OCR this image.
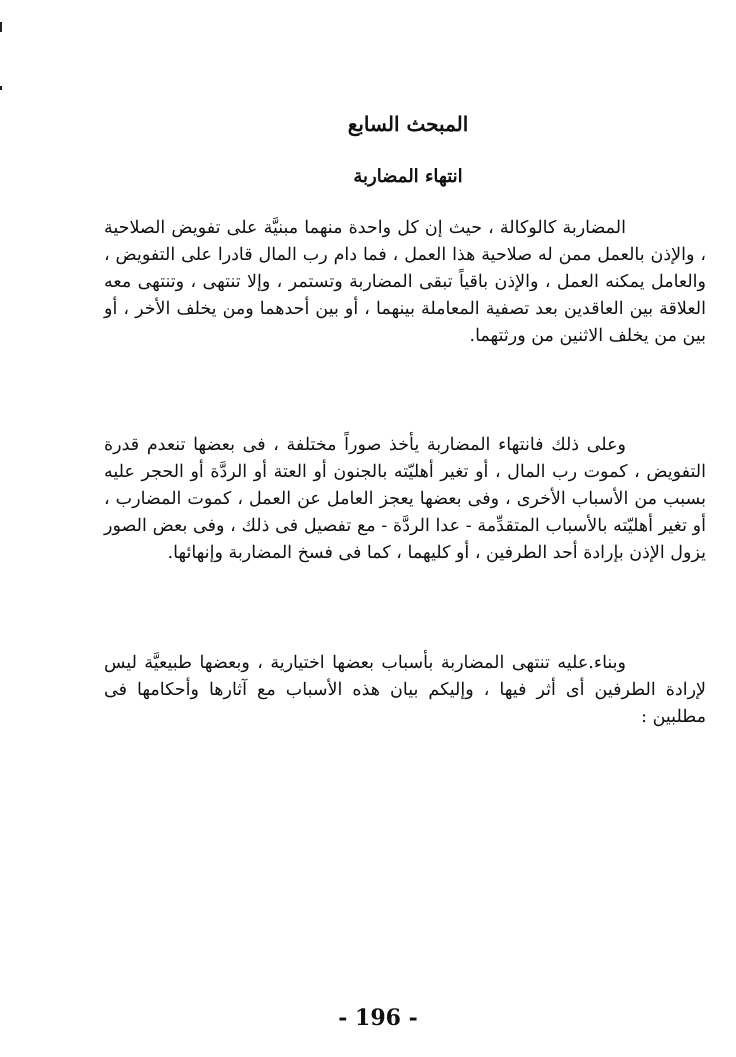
المبحث السابع
انتهاء المضاربة

المضاربة كالوكالة ، حيث إن كل واحدة منهما مبنيَّة على تفويض الصلاحية ، والإذن بالعمل ممن له صلاحية هذا العمل ، فما دام رب المال قادرا على التفويض ، والعامل يمكنه العمل ، والإذن باقياً تبقى المضاربة وتستمر ، وإلا تنتهى ، وتنتهى معه العلاقة بين العاقدين بعد تصفية المعاملة بينهما ، أو بين أحدهما ومن يخلف الأخر ، أو بين من يخلف الاثنين من ورثتهما.

وعلى ذلك فانتهاء المضاربة يأخذ صوراً مختلفة ، فى بعضها تنعدم قدرة التفويض ، كموت رب المال ، أو تغير أهليّته بالجنون أو العتة أو الردَّة أو الحجر عليه بسبب من الأسباب الأخرى ، وفى بعضها يعجز العامل عن العمل ، كموت المضارب ، أو تغير أهليّته بالأسباب المتقدِّمة - عدا الردَّة - مع تفصيل فى ذلك ، وفى بعض الصور يزول الإذن بإرادة أحد الطرفين ، أو كليهما ، كما فى فسخ المضاربة وإنهائها.

وبناء.عليه تنتهى المضاربة بأسباب بعضها اختيارية ، وبعضها طبيعيَّة ليس لإرادة الطرفين أى أثر فيها ، وإليكم بيان هذه الأسباب مع آثارها وأحكامها فى مطلبين :

- 196 -
